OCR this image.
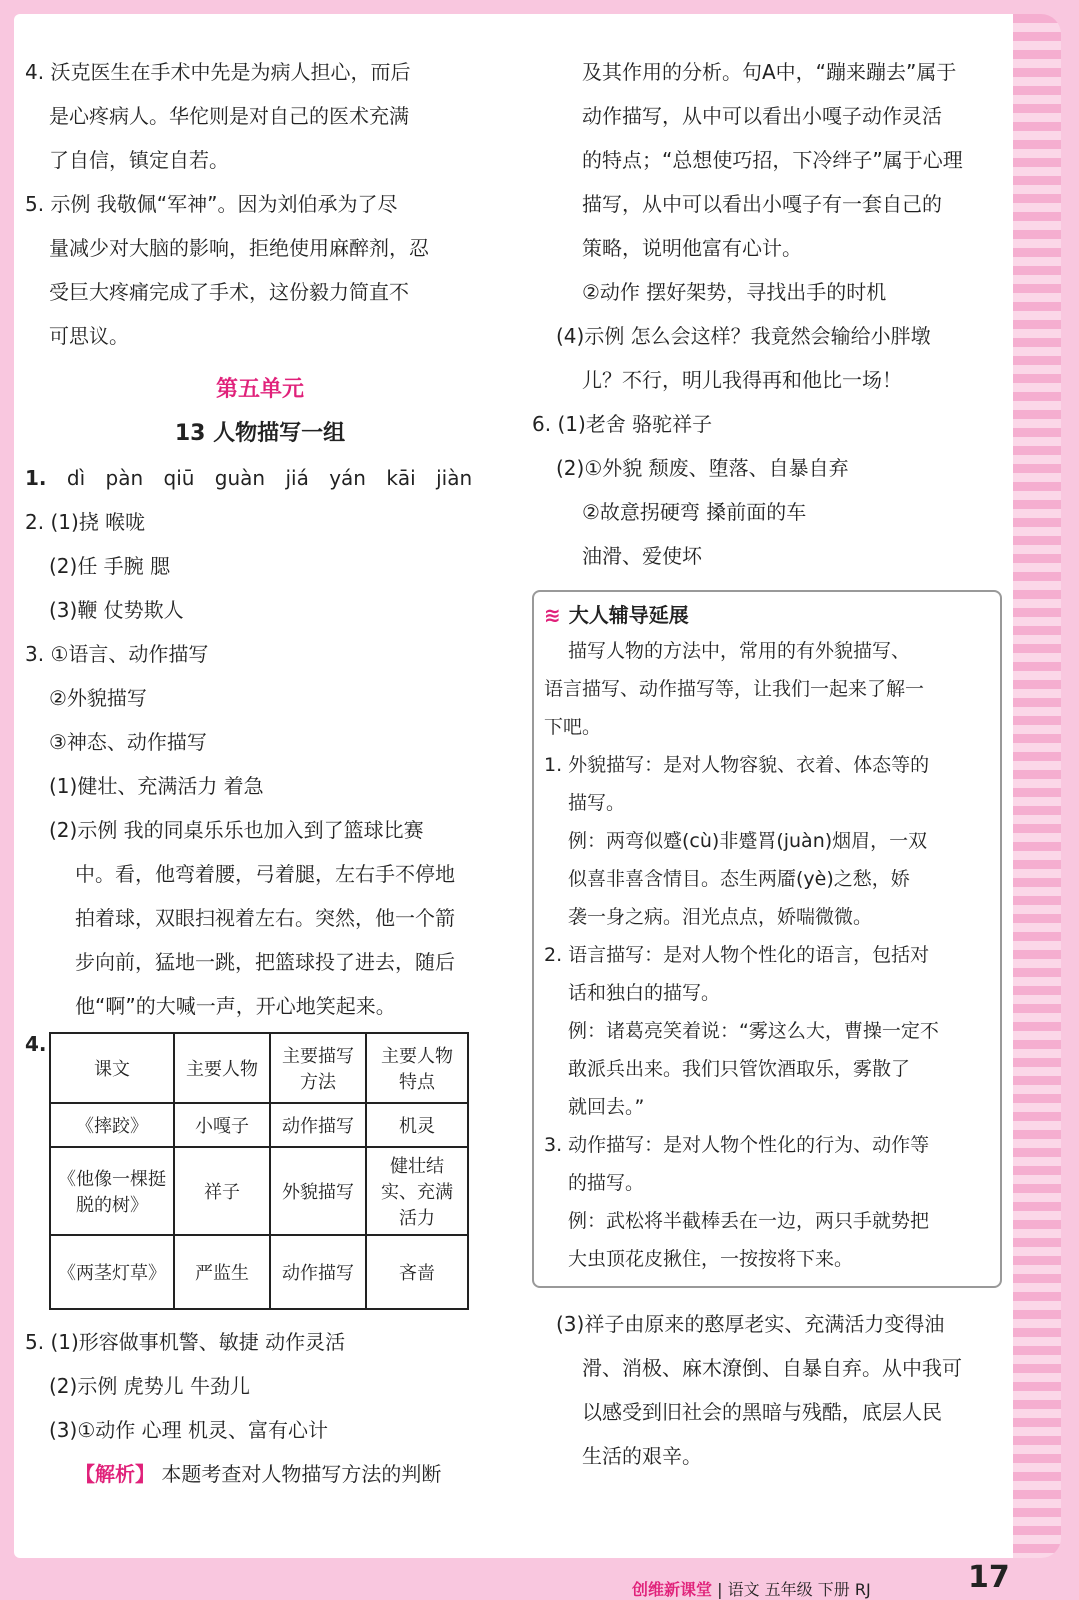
4. 沃克医生在手术中先是为病人担心，而后
是心疼病人。华佗则是对自己的医术充满
了自信，镇定自若。
5. 示例 我敬佩“军神”。因为刘伯承为了尽
量减少对大脑的影响，拒绝使用麻醉剂，忍
受巨大疼痛完成了手术，这份毅力简直不
可思议。
第五单元
13 人物描写一组
1. dì pàn qiū guàn jiá yán kāi jiàn
2. (1)挠 喉咙
(2)任 手腕 腮
(3)鞭 仗势欺人
3. ①语言、动作描写
②外貌描写
③神态、动作描写
(1)健壮、充满活力 着急
(2)示例 我的同桌乐乐也加入到了篮球比赛
中。看，他弯着腰，弓着腿，左右手不停地
拍着球，双眼扫视着左右。突然，他一个箭
步向前，猛地一跳，把篮球投了进去，随后
他“啊”的大喊一声，开心地笑起来。
4.
课文	主要人物	主要描写方法	主要人物特点
《摔跤》	小嘎子	动作描写	机灵
《他像一棵挺脱的树》	祥子	外貌描写	健壮结实、充满活力
《两茎灯草》	严监生	动作描写	吝啬
5. (1)形容做事机警、敏捷 动作灵活
(2)示例 虎势儿 牛劲儿
(3)①动作 心理 机灵、富有心计
【解析】 本题考查对人物描写方法的判断
及其作用的分析。句A中，“蹦来蹦去”属于
动作描写，从中可以看出小嘎子动作灵活
的特点；“总想使巧招，下冷绊子”属于心理
描写，从中可以看出小嘎子有一套自己的
策略，说明他富有心计。
②动作 摆好架势，寻找出手的时机
(4)示例 怎么会这样？我竟然会输给小胖墩
儿？不行，明儿我得再和他比一场！
6. (1)老舍 骆驼祥子
(2)①外貌 颓废、堕落、自暴自弃
②故意拐硬弯 搡前面的车
油滑、爱使坏
≋ 大人辅导延展
描写人物的方法中，常用的有外貌描写、
语言描写、动作描写等，让我们一起来了解一
下吧。
1. 外貌描写：是对人物容貌、衣着、体态等的
描写。
例：两弯似蹙(cù)非蹙罥(juàn)烟眉，一双
似喜非喜含情目。态生两靥(yè)之愁，娇
袭一身之病。泪光点点，娇喘微微。
2. 语言描写：是对人物个性化的语言，包括对
话和独白的描写。
例：诸葛亮笑着说：“雾这么大，曹操一定不
敢派兵出来。我们只管饮酒取乐，雾散了
就回去。”
3. 动作描写：是对人物个性化的行为、动作等
的描写。
例：武松将半截棒丢在一边，两只手就势把
大虫顶花皮揪住，一按按将下来。
(3)祥子由原来的憨厚老实、充满活力变得油
滑、消极、麻木潦倒、自暴自弃。从中我可
以感受到旧社会的黑暗与残酷，底层人民
生活的艰辛。
创维新课堂 | 语文 五年级 下册 RJ	17
